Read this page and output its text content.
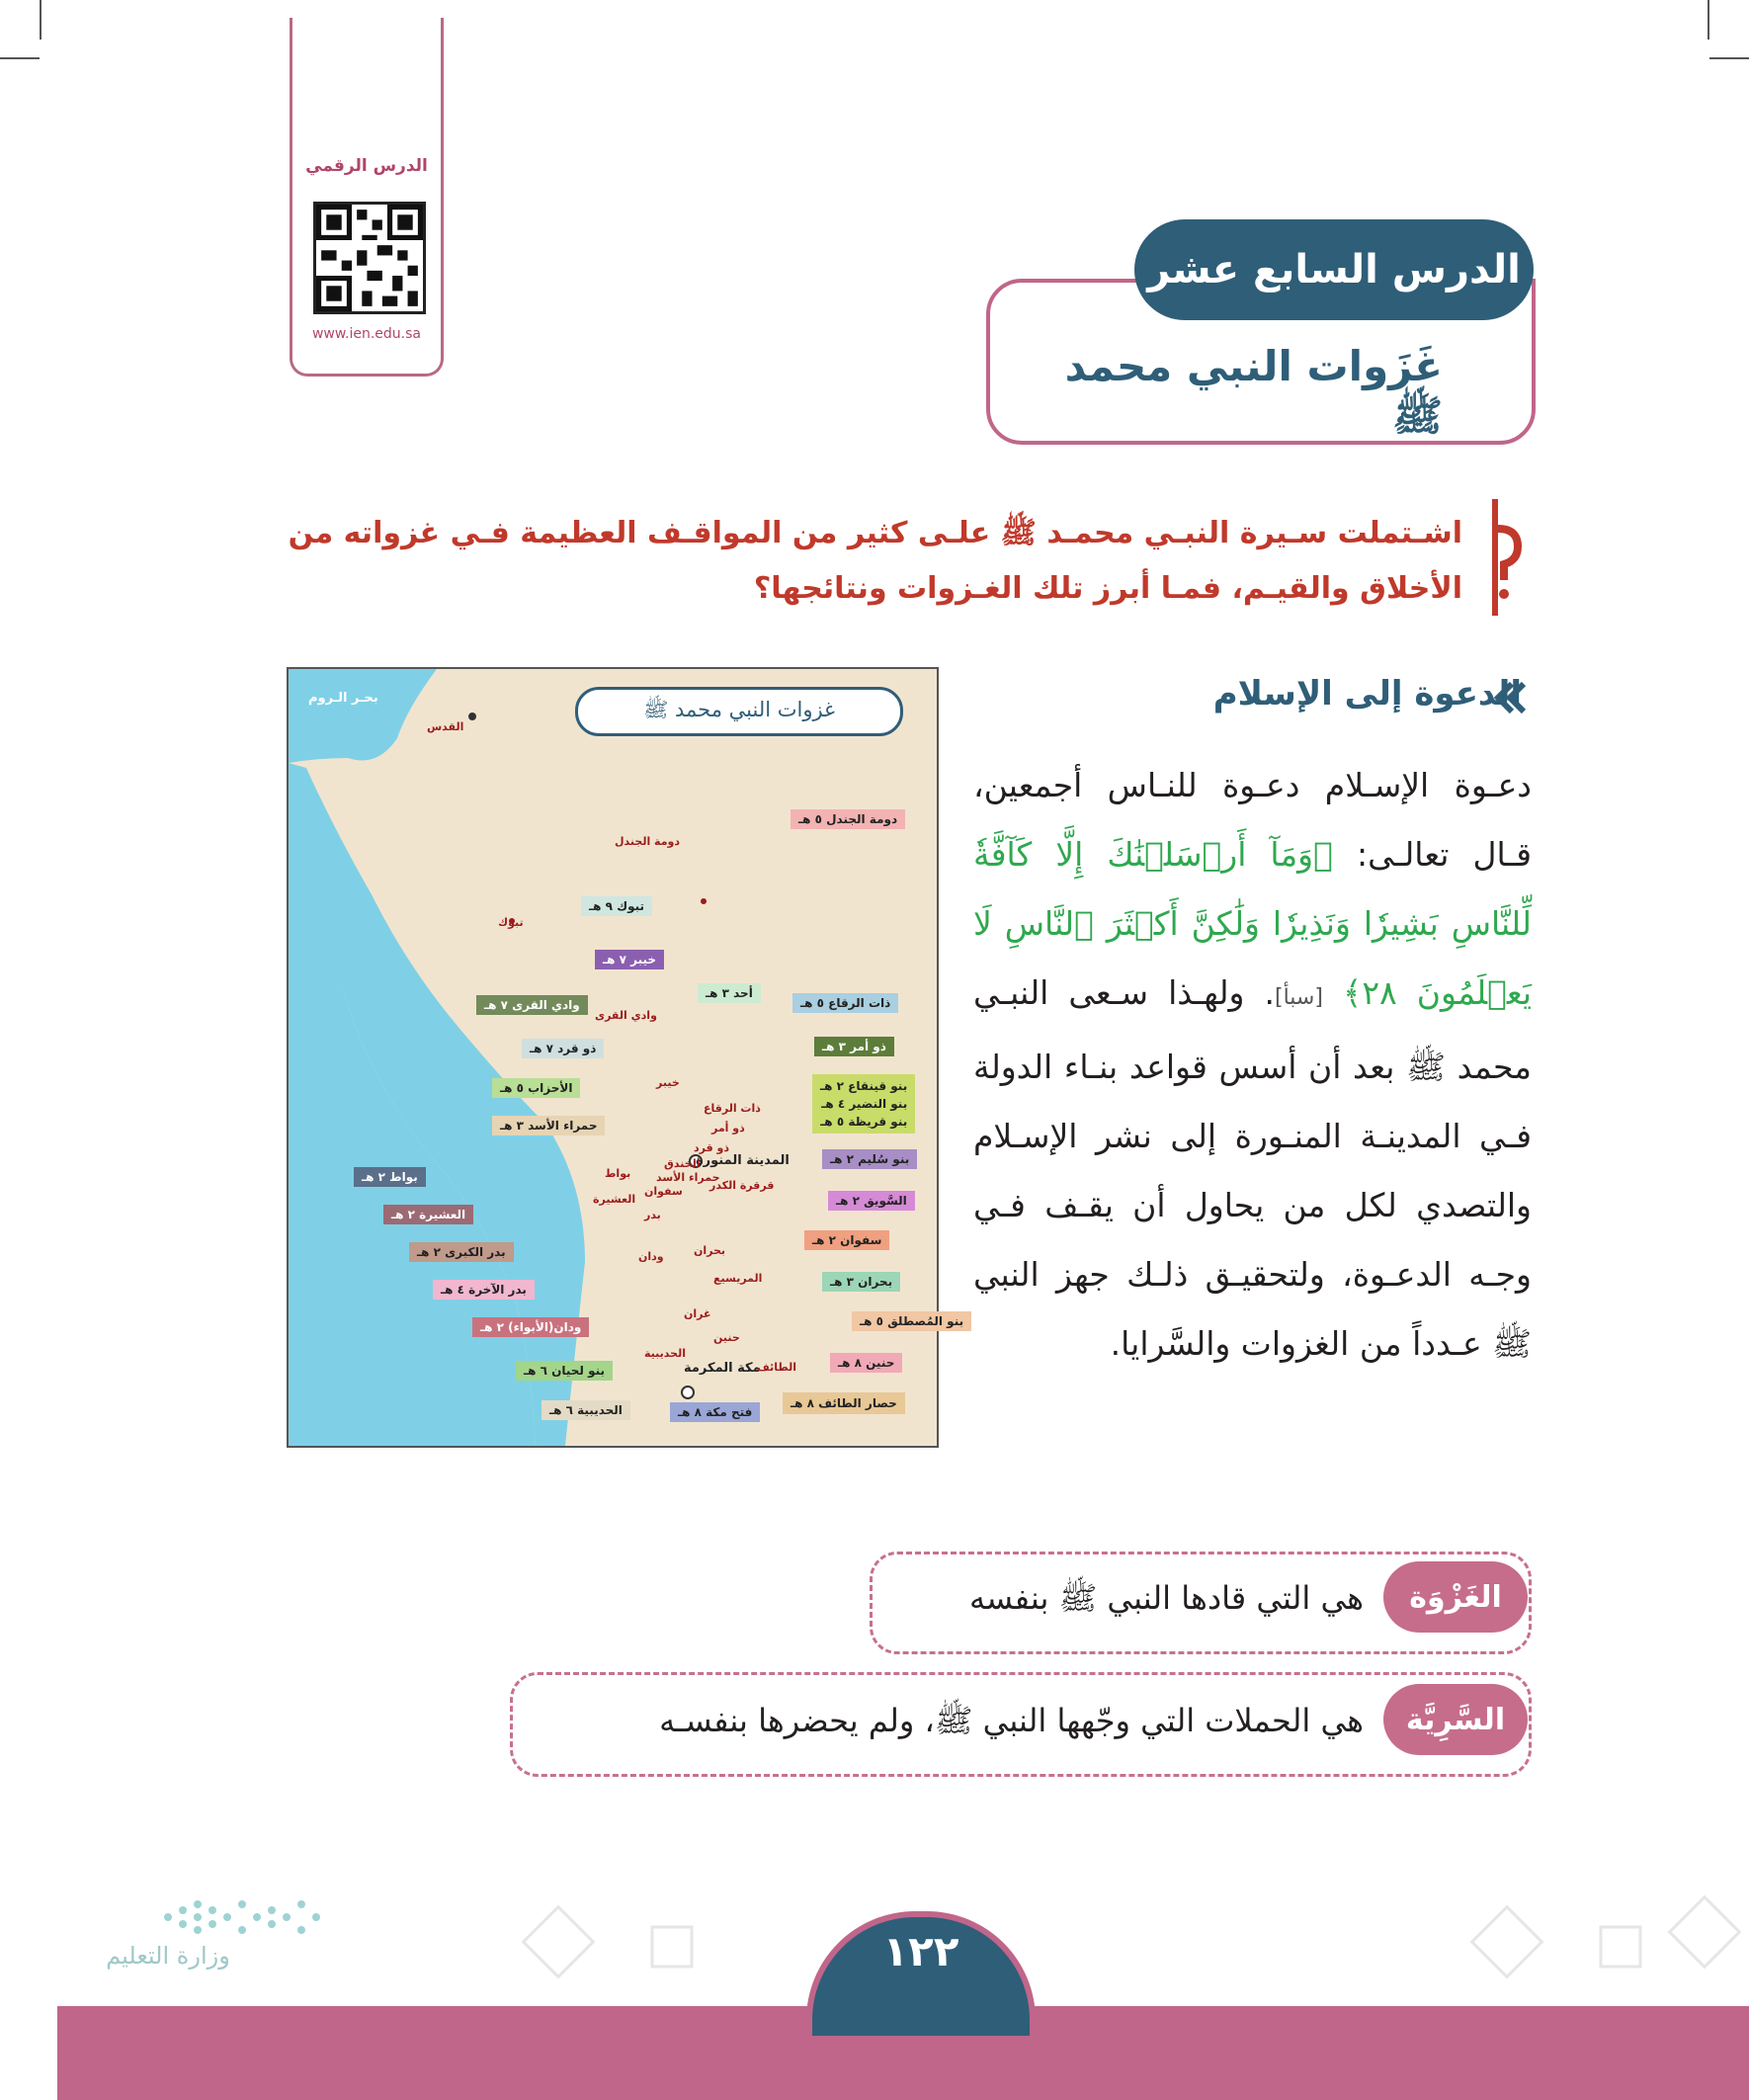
الدرس الرقمي
www.ien.edu.sa
الدرس السابع عشر
غَزَوات النبي محمد ﷺ
اشـتملت سـيرة النبـي محمـد ﷺ علـى كثير من المواقـف العظيمة فـي غزواته من
الأخلاق والقيـم، فمـا أبرز تلك الغـزوات ونتائجها؟
غزوات النبي محمد ﷺ
بحـر الـروم
القدس
دومة الجندل
تبوك
وادي القرى
خيبر
ذات الرقاع
ذو أمر
ذو قرد
المدينة المنورة
حمراء الأسد
الخندق
قرقرة الكدر
بواط
العشيرة
سفوان
بدر
بحران
ودان
المريسيع
غران
حنين
الحديبية
مكة المكرمة
الطائف
دومة الجندل ٥ هـ
ذات الرقاع ٥ هـ
ذو أمر ٣ هـ
بنو قينقاع ٢ هـ
بنو النضير ٤ هـ
بنو قريظة ٥ هـ
بنو سُليم ٢ هـ
السَّويق ٢ هـ
سفوان ٢ هـ
بحران ٣ هـ
بنو المُصطلق ٥ هـ
حنين ٨ هـ
حصار الطائف ٨ هـ
تبوك ٩ هـ
خيبر ٧ هـ
أحد ٣ هـ
وادي القرى ٧ هـ
ذو قرد ٧ هـ
الأحزاب ٥ هـ
حمراء الأسد ٣ هـ
بواط ٢ هـ
العشيرة ٢ هـ
بدر الكبرى ٢ هـ
بدر الآخرة ٤ هـ
ودان(الأبواء) ٢ هـ
بنو لحيان ٦ هـ
الحديبية ٦ هـ	فتح مكة ٨ هـ
الدعوة إلى الإسلام
دعـوة الإسـلام دعـوة للنـاس أجمعين، قـال تعالـى: ﴿وَمَآ أَرۡسَلۡنَٰكَ إِلَّا كَآفَّةٗ لِّلنَّاسِ بَشِيرٗا وَنَذِيرٗا وَلَٰكِنَّ أَكۡثَرَ ٱلنَّاسِ لَا يَعۡلَمُونَ ٢٨﴾ [سبأ]. ولهـذا سـعى النبـي محمد ﷺ بعد أن أسس قواعد بنـاء الدولة فـي المدينـة المنـورة إلى نشر الإسـلام والتصدي لكل من يحاول أن يقـف فـي وجـه الدعـوة، ولتحقيـق ذلـك جهز النبي ﷺ عـدداً من الغزوات والسَّرايا.
الغَزْوَة
هي التي قادها النبي ﷺ بنفسه
السَّرِيَّة
هي الحملات التي وجّهها النبي ﷺ، ولم يحضرها بنفسـه
١٢٢
وزارة التعليم
